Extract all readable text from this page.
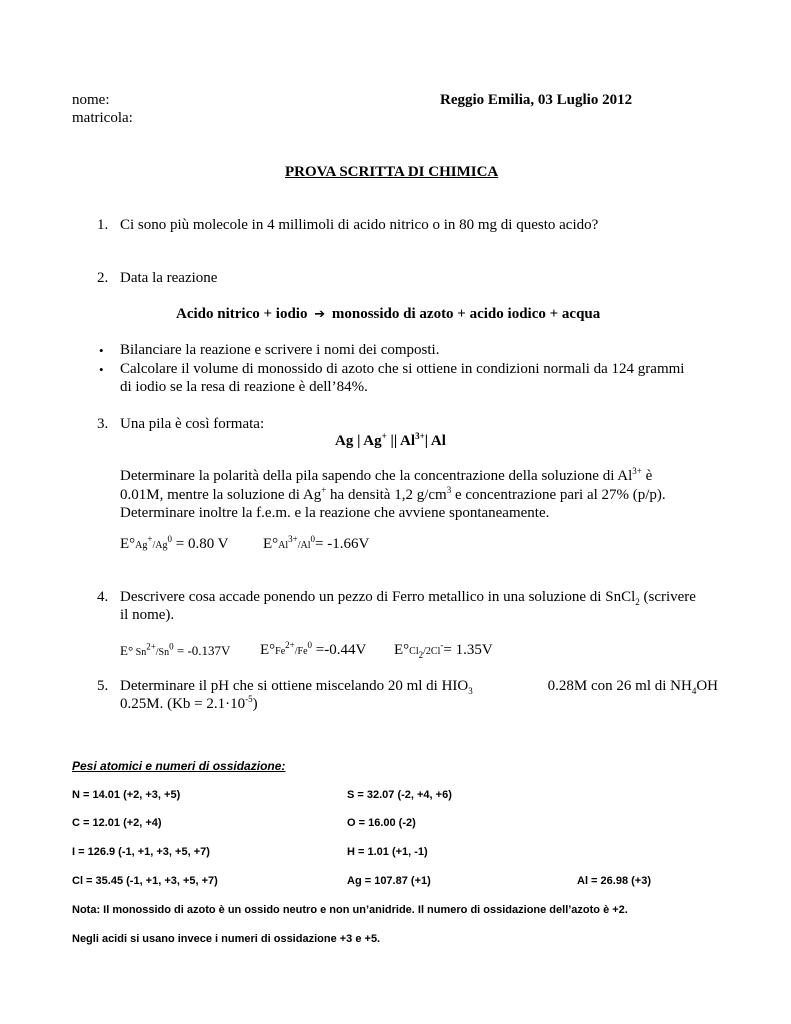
nome:	Reggio Emilia, 03 Luglio 2012
matricola:
PROVA SCRITTA DI CHIMICA
1. Ci sono più molecole in 4 millimoli di acido nitrico o in 80 mg di questo acido?
2. Data la reazione
Acido nitrico + iodio ➔ monossido di azoto + acido iodico + acqua
• Bilanciare la reazione e scrivere i nomi dei composti.
• Calcolare il volume di monossido di azoto che si ottiene in condizioni normali da 124 grammi
di iodio se la resa di reazione è dell’84%.
3. Una pila è così formata:
Ag | Ag+ || $Al^{3+}|$ Al
Determinare la polarità della pila sapendo che la concentrazione della soluzione di $Al^{3+}$ è
0.01M, mentre la soluzione di Ag+ ha densità 1,2 $g/cm^3$ e concentrazione pari al 27% (p/p).
Determinare inoltre la f.e.m. e la reazione che avviene spontaneamente.
$E^\circ Ag^+/Ag^0 = 0.80$ V $E^\circ Al^{3+}/Al^0= -1.66V$
4. Descrivere cosa accade ponendo un pezzo di Ferro metallico in una soluzione di SnCl$_2$ (scrivere
il nome).
E° $Sn^{2+}/Sn^0 = -0.137V$ $E^\circ Fe^{2+}/Fe^0 =-0.44V$ $E^\circ Cl_2/2Cl^-= 1.35V$
5. Determinare il pH che si ottiene miscelando 20 ml di $HIO_3$	0.28M con 26 ml di $NH_4OH$
0.25M. $(Kb = 2.1\cdot 10^{-5})$
Pesi atomici e numeri di ossidazione:
N = 14.01 (+2, +3, +5)	S = 32.07 (-2, +4, +6)
C = 12.01 (+2, +4)	O = 16.00 (-2)
I = 126.9 (-1, +1, +3, +5, +7)	H = 1.01 (+1, -1)
Cl = 35.45 (-1, +1, +3, +5, +7)	Ag = 107.87 (+1)	Al = 26.98 (+3)
Nota: Il monossido di azoto è un ossido neutro e non un’anidride. Il numero di ossidazione dell’azoto è +2.
Negli acidi si usano invece i numeri di ossidazione +3 e +5.
